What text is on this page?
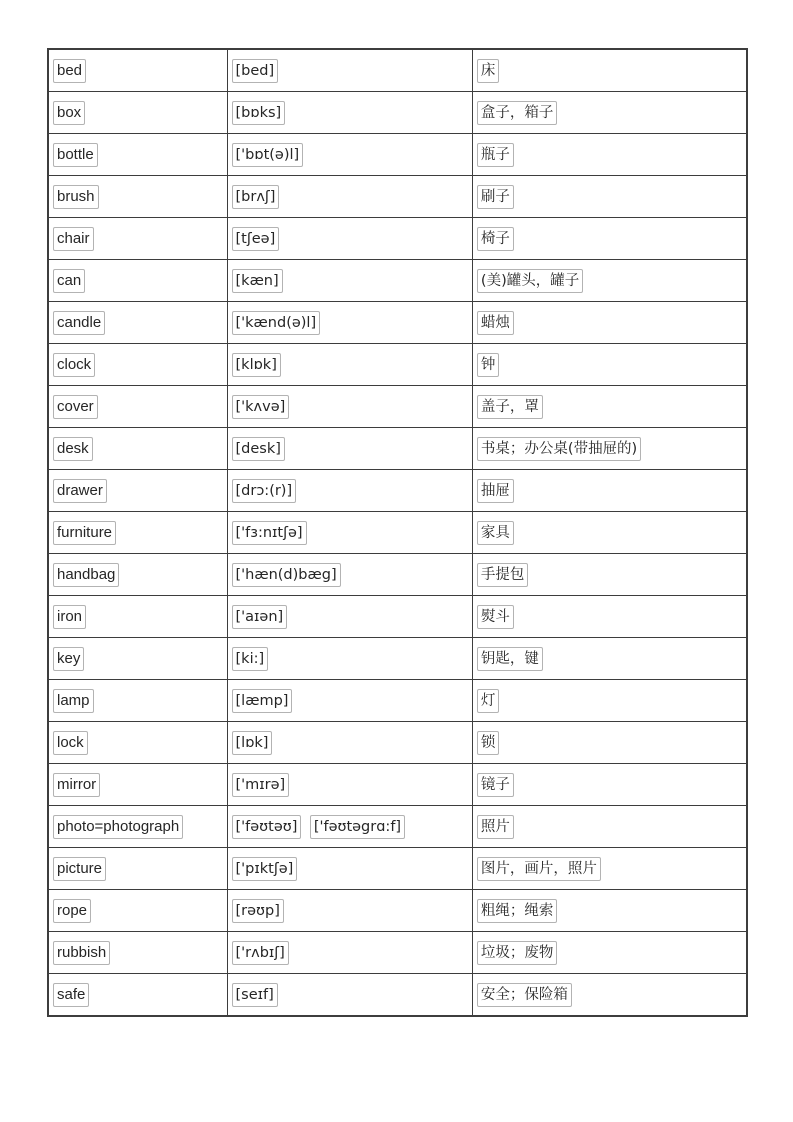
bed	[bed]	床
box	[bɒks]	盒子，箱子
bottle	['bɒt(ə)l]	瓶子
brush	[brʌʃ]	刷子
chair	[tʃeə]	椅子
can	[kæn]	(美)罐头，罐子
candle	['kænd(ə)l]	蜡烛
clock	[klɒk]	钟
cover	['kʌvə]	盖子，罩
desk	[desk]	书桌；办公桌(带抽屉的)
drawer	[drɔ:(r)]	抽屉
furniture	['fɜ:nɪtʃə]	家具
handbag	['hæn(d)bæg]	手提包
iron	['aɪən]	熨斗
key	[ki:]	钥匙，键
lamp	[læmp]	灯
lock	[lɒk]	锁
mirror	['mɪrə]	镜子
photo=photograph	['fəʊtəʊ] ['fəʊtəgrɑ:f]	照片
picture	['pɪktʃə]	图片，画片，照片
rope	[rəʊp]	粗绳；绳索
rubbish	['rʌbɪʃ]	垃圾；废物
safe	[seɪf]	安全；保险箱
